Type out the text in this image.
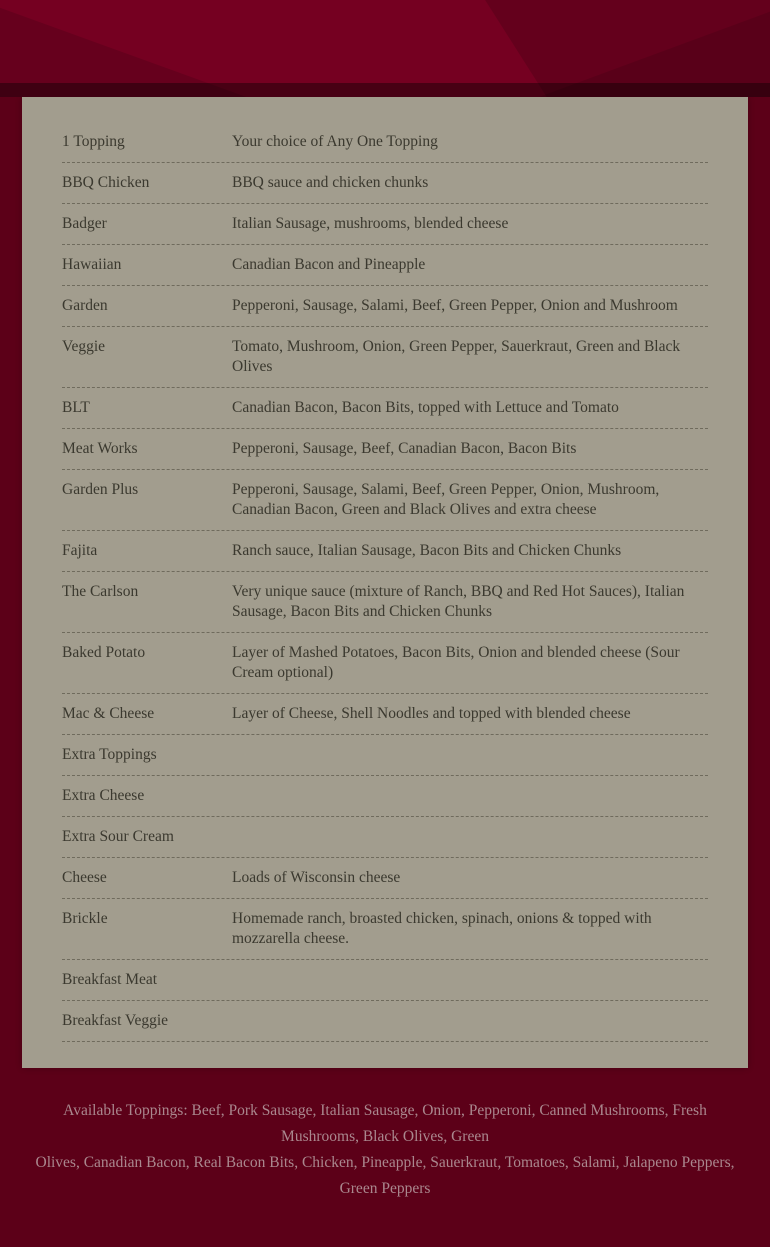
1 Topping	Your choice of Any One Topping
BBQ Chicken	BBQ sauce and chicken chunks
Badger	Italian Sausage, mushrooms, blended cheese
Hawaiian	Canadian Bacon and Pineapple
Garden	Pepperoni, Sausage, Salami, Beef, Green Pepper, Onion and Mushroom
Veggie	Tomato, Mushroom, Onion, Green Pepper, Sauerkraut, Green and Black Olives
BLT	Canadian Bacon, Bacon Bits, topped with Lettuce and Tomato
Meat Works	Pepperoni, Sausage, Beef, Canadian Bacon, Bacon Bits
Garden Plus	Pepperoni, Sausage, Salami, Beef, Green Pepper, Onion, Mushroom, Canadian Bacon, Green and Black Olives and extra cheese
Fajita	Ranch sauce, Italian Sausage, Bacon Bits and Chicken Chunks
The Carlson	Very unique sauce (mixture of Ranch, BBQ and Red Hot Sauces), Italian Sausage, Bacon Bits and Chicken Chunks
Baked Potato	Layer of Mashed Potatoes, Bacon Bits, Onion and blended cheese (Sour Cream optional)
Mac & Cheese	Layer of Cheese, Shell Noodles and topped with blended cheese
Extra Toppings
Extra Cheese
Extra Sour Cream
Cheese	Loads of Wisconsin cheese
Brickle	Homemade ranch, broasted chicken, spinach, onions & topped with mozzarella cheese.
Breakfast Meat
Breakfast Veggie

Available Toppings: Beef, Pork Sausage, Italian Sausage, Onion, Pepperoni, Canned Mushrooms, Fresh Mushrooms, Black Olives, Green
Olives, Canadian Bacon, Real Bacon Bits, Chicken, Pineapple, Sauerkraut, Tomatoes, Salami, Jalapeno Peppers, Green Peppers
